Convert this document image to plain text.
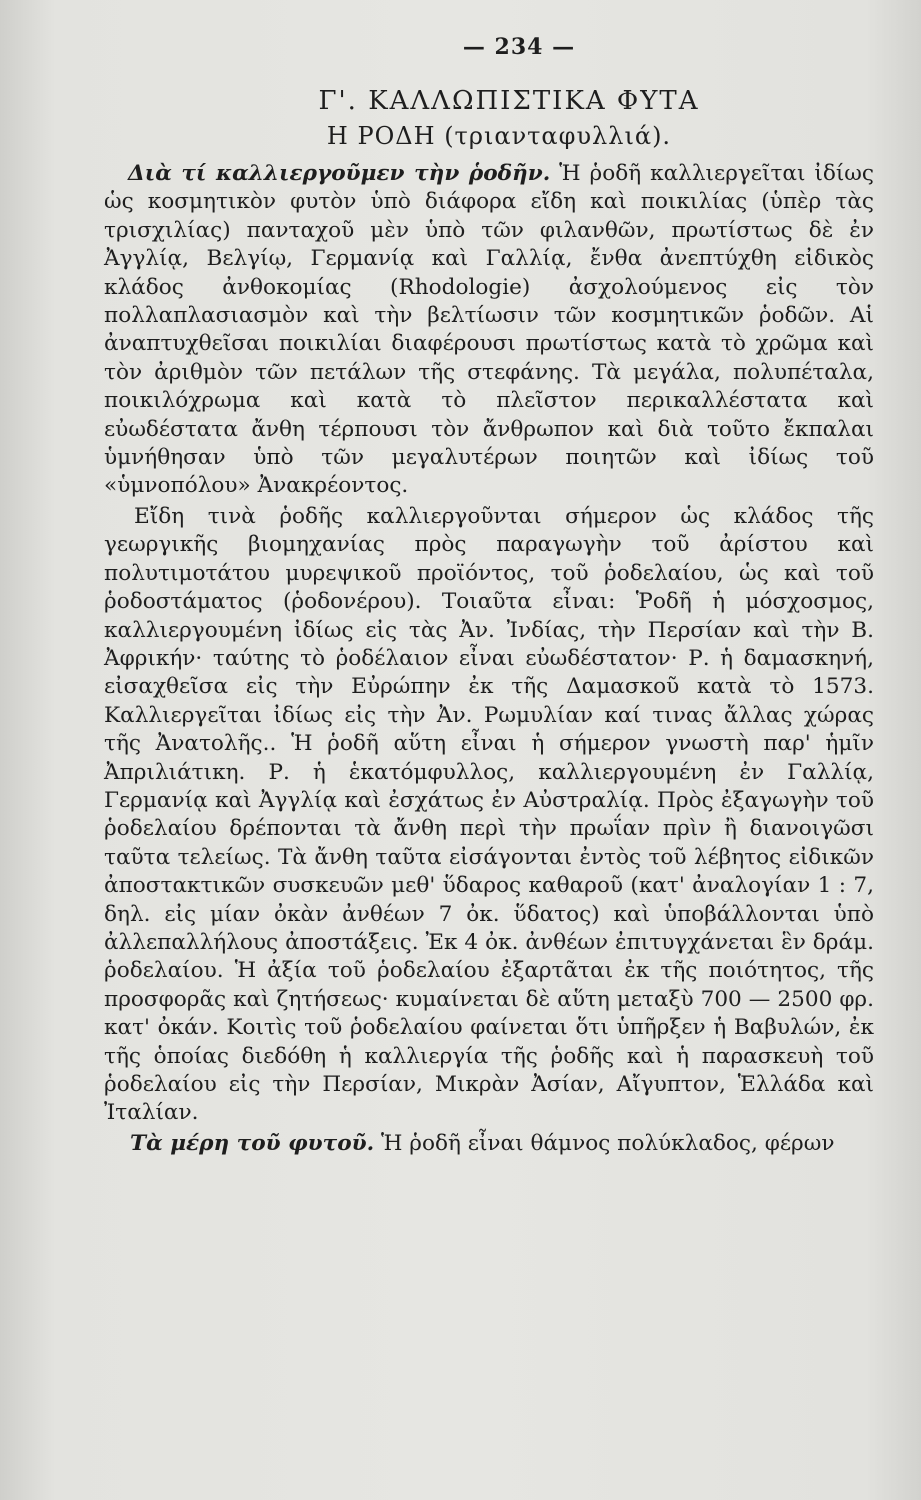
— 234 —
Γ'. ΚΑΛΛΩΠΙΣΤΙΚΑ ΦΥΤΑ
Η ΡΟΔΗ (τριανταφυλλιά).

Διὰ τί καλλιεργοῦμεν τὴν ῥοδῆν. Ἡ ῥοδῆ καλλιεργεῖται ἰδίως ὡς κοσμητικὸν φυτὸν ὑπὸ διάφορα εἴδη καὶ ποικιλίας (ὑπὲρ τὰς τρισχιλίας) πανταχοῦ μὲν ὑπὸ τῶν φιλανθῶν, πρωτίστως δὲ ἐν Ἀγγλίᾳ, Βελγίῳ, Γερμανίᾳ καὶ Γαλλίᾳ, ἔνθα ἀνεπτύχθη εἰδικὸς κλάδος ἀνθοκομίας (Rhodologie) ἀσχολούμενος εἰς τὸν πολλαπλασιασμὸν καὶ τὴν βελτίωσιν τῶν κοσμητικῶν ῥοδῶν. Αἱ ἀναπτυχθεῖσαι ποικιλίαι διαφέρουσι πρωτίστως κατὰ τὸ χρῶμα καὶ τὸν ἀριθμὸν τῶν πετάλων τῆς στεφάνης. Τὰ μεγάλα, πολυπέταλα, ποικιλόχρωμα καὶ κατὰ τὸ πλεῖστον περικαλλέστατα καὶ εὐωδέστατα ἄνθη τέρπουσι τὸν ἄνθρωπον καὶ διὰ τοῦτο ἔκπαλαι ὑμνήθησαν ὑπὸ τῶν μεγαλυτέρων ποιητῶν καὶ ἰδίως τοῦ «ὑμνοπόλου» Ἀνακρέοντος.

Εἴδη τινὰ ῥοδῆς καλλιεργοῦνται σήμερον ὡς κλάδος τῆς γεωργικῆς βιομηχανίας πρὸς παραγωγὴν τοῦ ἀρίστου καὶ πολυτιμοτάτου μυρεψικοῦ προϊόντος, τοῦ ῥοδελαίου, ὡς καὶ τοῦ ῥοδοστάματος (ῥοδονέρου). Τοιαῦτα εἶναι: Ῥοδῆ ἡ μόσχοσμος, καλλιεργουμένη ἰδίως εἰς τὰς Ἀν. Ἰνδίας, τὴν Περσίαν καὶ τὴν Β. Ἀφρικήν· ταύτης τὸ ῥοδέλαιον εἶναι εὐωδέστατον· Ρ. ἡ δαμασκηνή, εἰσαχθεῖσα εἰς τὴν Εὐρώπην ἐκ τῆς Δαμασκοῦ κατὰ τὸ 1573. Καλλιεργεῖται ἰδίως εἰς τὴν Ἀν. Ρωμυλίαν καί τινας ἄλλας χώρας τῆς Ἀνατολῆς.. Ἡ ῥοδῆ αὕτη εἶναι ἡ σήμερον γνωστὴ παρ' ἡμῖν Ἀπριλιάτικη. Ρ. ἡ ἑκατόμφυλλος, καλλιεργουμένη ἐν Γαλλίᾳ, Γερμανίᾳ καὶ Ἀγγλίᾳ καὶ ἐσχάτως ἐν Αὐστραλίᾳ. Πρὸς ἐξαγωγὴν τοῦ ῥοδελαίου δρέπονται τὰ ἄνθη περὶ τὴν πρωΐαν πρὶν ἢ διανοιγῶσι ταῦτα τελείως. Τὰ ἄνθη ταῦτα εἰσάγονται ἐντὸς τοῦ λέβητος εἰδικῶν ἀποστακτικῶν συσκευῶν μεθ' ὕδαρος καθαροῦ (κατ' ἀναλογίαν 1 : 7, δηλ. εἰς μίαν ὀκὰν ἀνθέων 7 ὀκ. ὕδατος) καὶ ὑποβάλλονται ὑπὸ ἀλλεπαλλήλους ἀποστάξεις. Ἐκ 4 ὀκ. ἀνθέων ἐπιτυγχάνεται ἓν δράμ. ῥοδελαίου. Ἡ ἀξία τοῦ ῥοδελαίου ἐξαρτᾶται ἐκ τῆς ποιότητος, τῆς προσφορᾶς καὶ ζητήσεως· κυμαίνεται δὲ αὕτη μεταξὺ 700 — 2500 φρ. κατ' ὀκάν. Κοιτὶς τοῦ ῥοδελαίου φαίνεται ὅτι ὑπῆρξεν ἡ Βαβυλών, ἐκ τῆς ὁποίας διεδόθη ἡ καλλιεργία τῆς ῥοδῆς καὶ ἡ παρασκευὴ τοῦ ῥοδελαίου εἰς τὴν Περσίαν, Μικρὰν Ἀσίαν, Αἴγυπτον, Ἑλλάδα καὶ Ἰταλίαν.

Τὰ μέρη τοῦ φυτοῦ. Ἡ ῥοδῆ εἶναι θάμνος πολύκλαδος, φέρων
